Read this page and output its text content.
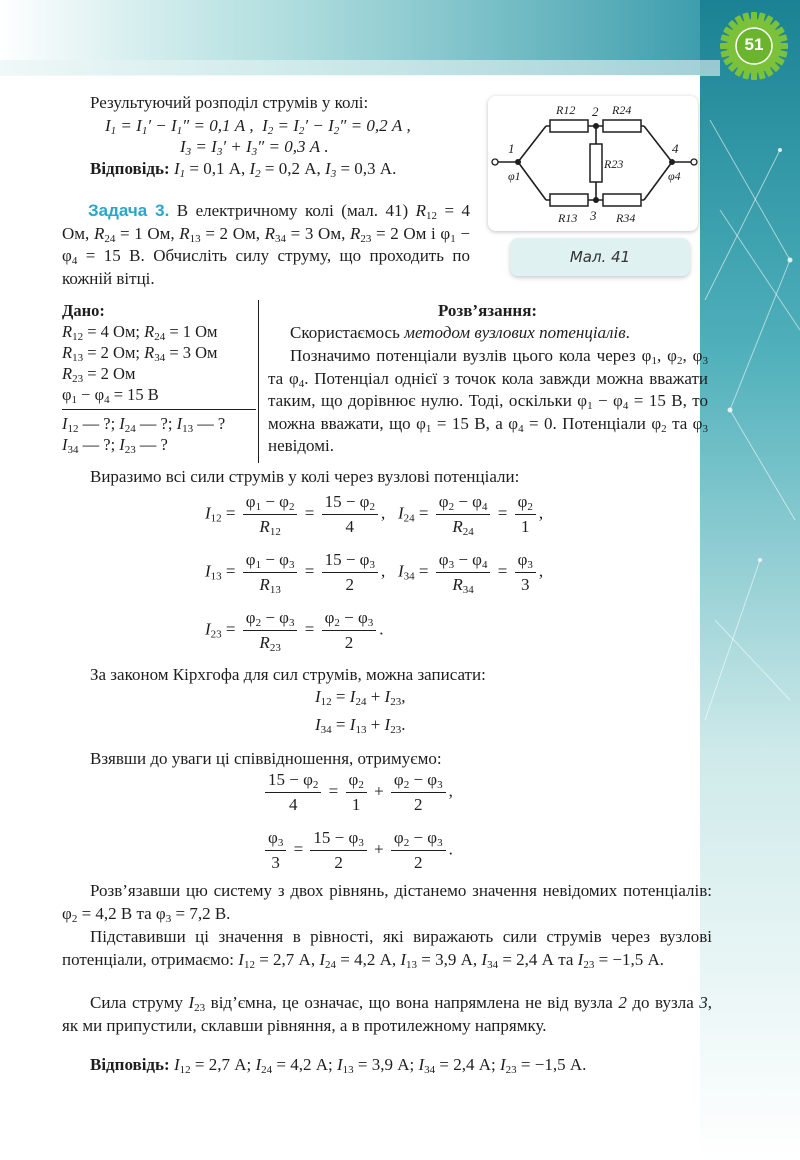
51
1
2
3
4
R12	R24
R13	R34
R23
φ1	φ4
Мал. 41

Результуючий розподіл струмів у колі:

$I_1 = I_1' - I_1'' = 0,1$ А ,  $I_2 = I_2' - I_2'' = 0,2$ А ,
$I_3 = I_3' + I_3'' = 0,3$ А .
Відповідь: $I_1 = 0,1$ А, $I_2 = 0,2$ А, $I_3 = 0,3$ А.
Задача 3. В електричному колі (мал. 41) $R_{12} = 4$ Ом, $R_{24} = 1$ Ом, $R_{13} = 2$ Ом, $R_{34} = 3$ Ом, $R_{23} = 2$ Ом і $\varphi_1 - \varphi_4 = 15$ В. Обчисліть силу струму, що проходить по кожній вітці.
Дано:
$R_{12} = 4$ Ом; $R_{24} = 1$ Ом
$R_{13} = 2$ Ом; $R_{34} = 3$ Ом
$R_{23} = 2$ Ом
$\varphi_1 - \varphi_4 = 15$ В
$I_{12}$ — ?; $I_{24}$ — ?; $I_{13}$ — ?
$I_{34}$ — ?; $I_{23}$ — ?
Розв’язання:
Скористаємось методом вузлових потенціалів.
Позначимо потенціали вузлів цього кола через $\varphi_1$, $\varphi_2$, $\varphi_3$ та $\varphi_4$. Потенціал однієї з точок кола завжди можна вважати таким, що дорівнює нулю. Тоді, оскільки $\varphi_1 - \varphi_4 = 15$ В, то можна вважати, що $\varphi_1 = 15$ В, а $\varphi_4 = 0$. Потенціали $\varphi_2$ та $\varphi_3$ невідомі.

Виразимо всі сили струмів у колі через вузлові потенціали:

$I_{12} = \frac{\varphi_1 - \varphi_2}{R_{12}} = \frac{15 - \varphi_2}{4}$ ,   $I_{24} = \frac{\varphi_2 - \varphi_4}{R_{24}} = \frac{\varphi_2}{1}$ ,
$I_{13} = \frac{\varphi_1 - \varphi_3}{R_{13}} = \frac{15 - \varphi_3}{2}$ ,   $I_{34} = \frac{\varphi_3 - \varphi_4}{R_{34}} = \frac{\varphi_3}{3}$ ,
$I_{23} = \frac{\varphi_2 - \varphi_3}{R_{23}} = \frac{\varphi_2 - \varphi_3}{2}$ .

За законом Кірхгофа для сил струмів, можна записати:

$I_{12} = I_{24} + I_{23}$,
$I_{34} = I_{13} + I_{23}$.

Взявши до уваги ці співвідношення, отримуємо:

$\frac{15 - \varphi_2}{4} = \frac{\varphi_2}{1} + \frac{\varphi_2 - \varphi_3}{2}$ ,
$\frac{\varphi_3}{3} = \frac{15 - \varphi_3}{2} + \frac{\varphi_2 - \varphi_3}{2}$ .
Розв’язавши цю систему з двох рівнянь, дістанемо значення невідомих потенціалів: $\varphi_2 = 4,2$ В та $\varphi_3 = 7,2$ В.
Підставивши ці значення в рівності, які виражають сили струмів через вузлові потенціали, отримаємо: $I_{12} = 2,7$ А, $I_{24} = 4,2$ А, $I_{13} = 3,9$ А, $I_{34} = 2,4$ А та $I_{23} = -1,5$ А.
Сила струму $I_{23}$ від’ємна, це означає, що вона напрямлена не від вузла 2 до вузла 3, як ми припустили, склавши рівняння, а в протилежному напрямку.
Відповідь: $I_{12} = 2,7$ А; $I_{24} = 4,2$ А; $I_{13} = 3,9$ А; $I_{34} = 2,4$ А; $I_{23} = -1,5$ А.
